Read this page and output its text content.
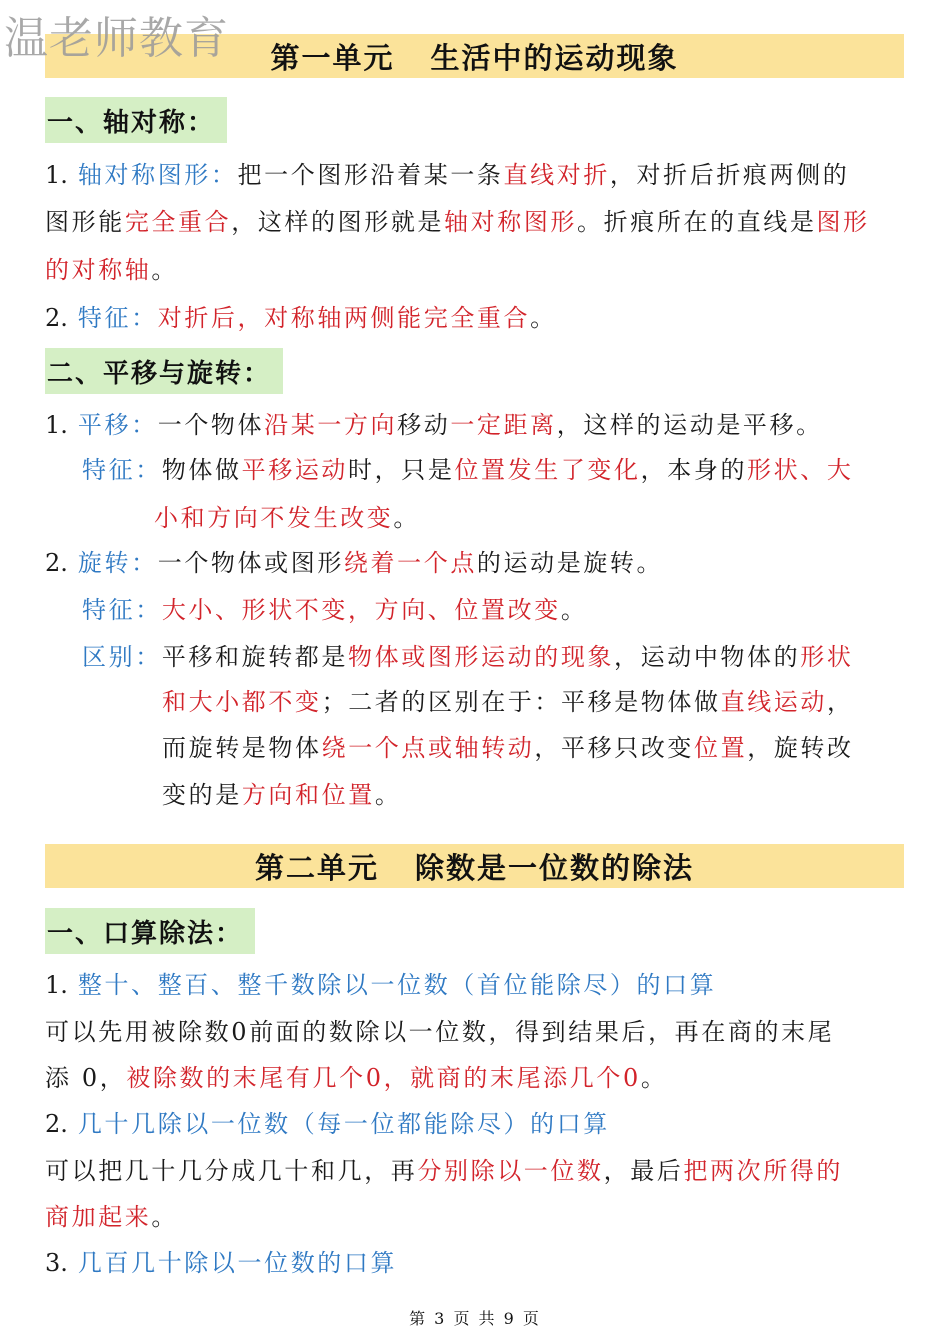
温老师教育 第一单元 生活中的运动现象
一、轴对称：
1. 轴对称图形：把一个图形沿着某一条直线对折，对折后折痕两侧的
图形能完全重合，这样的图形就是轴对称图形。折痕所在的直线是图形
的对称轴。
2. 特征：对折后，对称轴两侧能完全重合。
二、平移与旋转：
1. 平移：一个物体沿某一方向移动一定距离，这样的运动是平移。
特征：物体做平移运动时，只是位置发生了变化，本身的形状、大
小和方向不发生改变。
2. 旋转：一个物体或图形绕着一个点的运动是旋转。
特征：大小、形状不变，方向、位置改变。
区别：平移和旋转都是物体或图形运动的现象，运动中物体的形状
和大小都不变；二者的区别在于：平移是物体做直线运动，
而旋转是物体绕一个点或轴转动，平移只改变位置，旋转改
变的是方向和位置。
第二单元 除数是一位数的除法
一、口算除法：
1. 整十、整百、整千数除以一位数（首位能除尽）的口算
可以先用被除数0前面的数除以一位数，得到结果后，再在商的末尾
添 0，被除数的末尾有几个0，就商的末尾添几个0。
2. 几十几除以一位数（每一位都能除尽）的口算
可以把几十几分成几十和几，再分别除以一位数，最后把两次所得的
商加起来。
3. 几百几十除以一位数的口算
第 3 页 共 9 页
